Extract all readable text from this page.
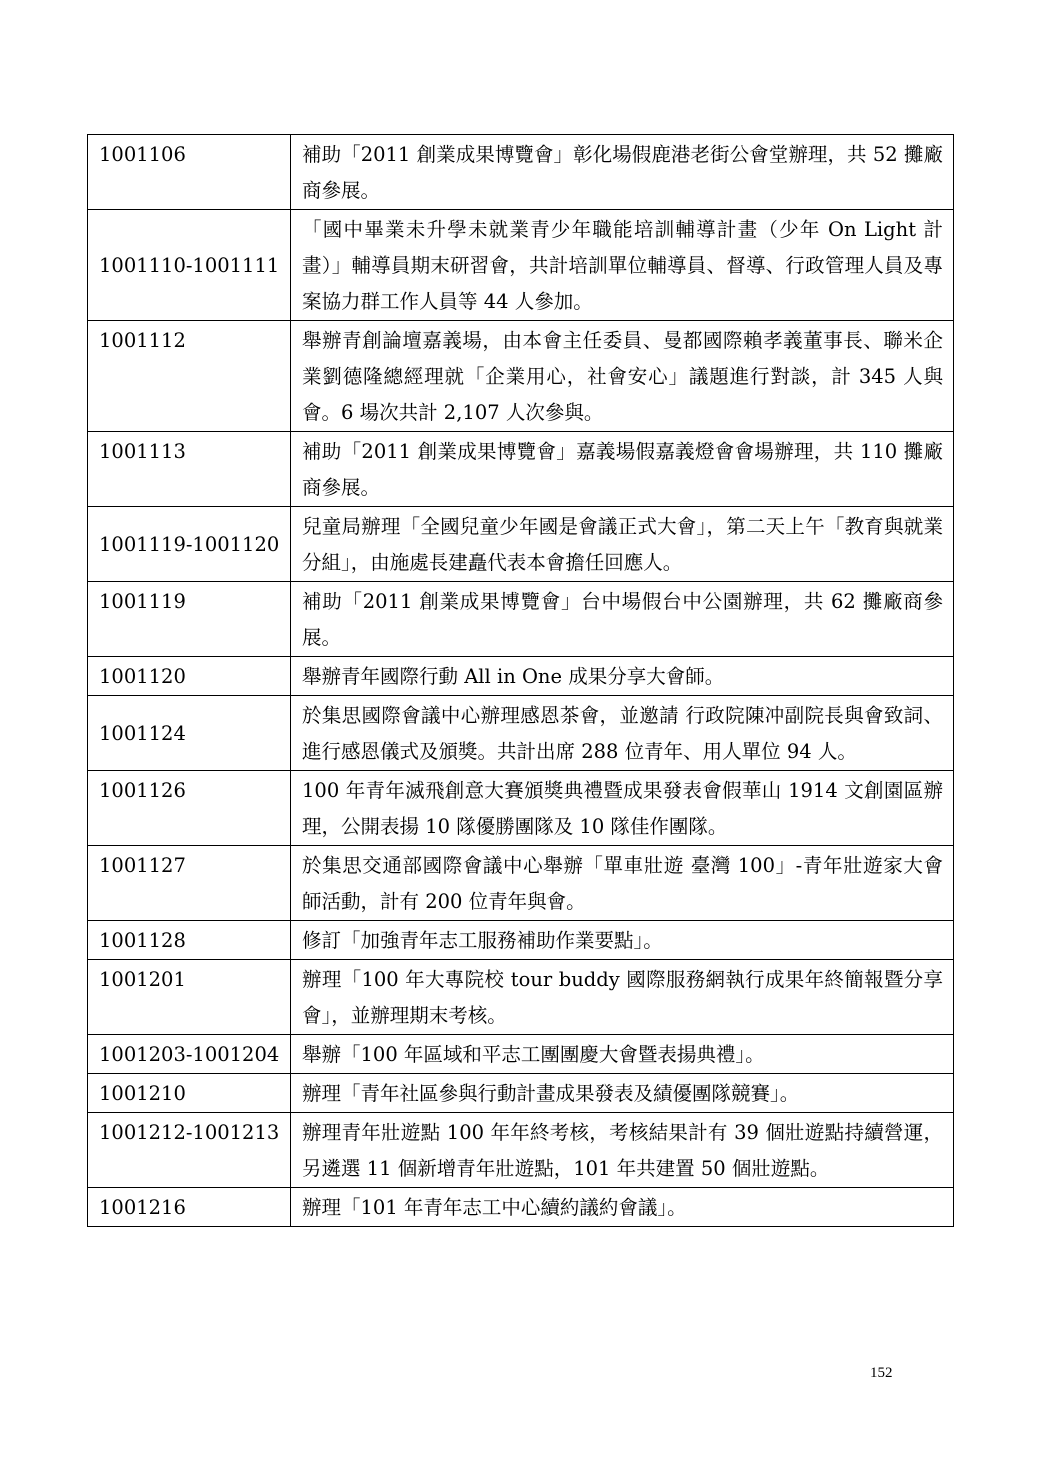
1001106	補助「2011 創業成果博覽會」彰化場假鹿港老街公會堂辦理，共 52 攤廠商參展。
1001110-1001111	「國中畢業未升學未就業青少年職能培訓輔導計畫（少年 On Light 計畫）」輔導員期末研習會，共計培訓單位輔導員、督導、行政管理人員及專案協力群工作人員等 44 人參加。
1001112	舉辦青創論壇嘉義場，由本會主任委員、曼都國際賴孝義董事長、聯米企業劉德隆總經理就「企業用心，社會安心」議題進行對談，計 345 人與會。6 場次共計 2,107 人次參與。
1001113	補助「2011 創業成果博覽會」嘉義場假嘉義燈會會場辦理，共 110 攤廠商參展。
1001119-1001120	兒童局辦理「全國兒童少年國是會議正式大會」，第二天上午「教育與就業分組」，由施處長建矗代表本會擔任回應人。
1001119	補助「2011 創業成果博覽會」台中場假台中公園辦理，共 62 攤廠商參展。
1001120	舉辦青年國際行動 All in One 成果分享大會師。
1001124	於集思國際會議中心辦理感恩茶會，並邀請 行政院陳冲副院長與會致詞、進行感恩儀式及頒獎。共計出席 288 位青年、用人單位 94 人。
1001126	100 年青年滅飛創意大賽頒獎典禮暨成果發表會假華山 1914 文創園區辦理，公開表揚 10 隊優勝團隊及 10 隊佳作團隊。
1001127	於集思交通部國際會議中心舉辦「單車壯遊 臺灣 100」-青年壯遊家大會師活動，計有 200 位青年與會。
1001128	修訂「加強青年志工服務補助作業要點」。
1001201	辦理「100 年大專院校 tour buddy 國際服務網執行成果年終簡報暨分享會」，並辦理期末考核。
1001203-1001204	舉辦「100 年區域和平志工團團慶大會暨表揚典禮」。
1001210	辦理「青年社區參與行動計畫成果發表及績優團隊競賽」。
1001212-1001213	辦理青年壯遊點 100 年年終考核，考核結果計有 39 個壯遊點持續營運，另遴選 11 個新增青年壯遊點，101 年共建置 50 個壯遊點。
1001216	辦理「101 年青年志工中心續約議約會議」。
152
